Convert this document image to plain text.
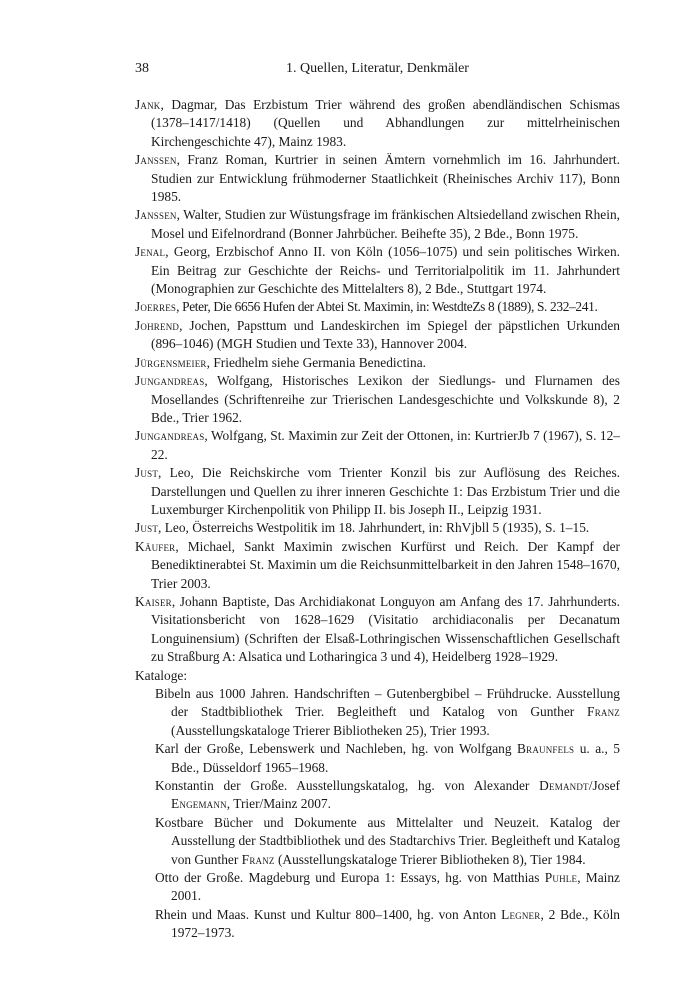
38	1. Quellen, Literatur, Denkmäler

Jank, Dagmar, Das Erzbistum Trier während des großen abendländischen Schismas (1378–1417/1418) (Quellen und Abhandlungen zur mittelrheinischen Kirchengeschichte 47), Mainz 1983.

Janssen, Franz Roman, Kurtrier in seinen Ämtern vornehmlich im 16. Jahrhundert. Studien zur Entwicklung frühmoderner Staatlichkeit (Rheinisches Archiv 117), Bonn 1985.

Janssen, Walter, Studien zur Wüstungsfrage im fränkischen Altsiedelland zwischen Rhein, Mosel und Eifelnordrand (Bonner Jahrbücher. Beihefte 35), 2 Bde., Bonn 1975.

Jenal, Georg, Erzbischof Anno II. von Köln (1056–1075) und sein politisches Wirken. Ein Beitrag zur Geschichte der Reichs- und Territorialpolitik im 11. Jahrhundert (Monographien zur Geschichte des Mittelalters 8), 2 Bde., Stuttgart 1974.

Joerres, Peter, Die 6656 Hufen der Abtei St. Maximin, in: WestdteZs 8 (1889), S. 232–241.

Johrend, Jochen, Papsttum und Landeskirchen im Spiegel der päpstlichen Urkunden (896–1046) (MGH Studien und Texte 33), Hannover 2004.

Jürgensmeier, Friedhelm siehe Germania Benedictina.

Jungandreas, Wolfgang, Historisches Lexikon der Siedlungs- und Flurnamen des Mosellandes (Schriftenreihe zur Trierischen Landesgeschichte und Volkskunde 8), 2 Bde., Trier 1962.

Jungandreas, Wolfgang, St. Maximin zur Zeit der Ottonen, in: KurtrierJb 7 (1967), S. 12–22.

Just, Leo, Die Reichskirche vom Trienter Konzil bis zur Auflösung des Reiches. Darstellungen und Quellen zu ihrer inneren Geschichte 1: Das Erzbistum Trier und die Luxemburger Kirchenpolitik von Philipp II. bis Joseph II., Leipzig 1931.

Just, Leo, Österreichs Westpolitik im 18. Jahrhundert, in: RhVjbll 5 (1935), S. 1–15.

Käufer, Michael, Sankt Maximin zwischen Kurfürst und Reich. Der Kampf der Benediktinerabtei St. Maximin um die Reichsunmittelbarkeit in den Jahren 1548–1670, Trier 2003.

Kaiser, Johann Baptiste, Das Archidiakonat Longuyon am Anfang des 17. Jahrhunderts. Visitationsbericht von 1628–1629 (Visitatio archidiaconalis per Decanatum Longuinensium) (Schriften der Elsaß-Lothringischen Wissenschaftlichen Gesellschaft zu Straßburg A: Alsatica und Lotharingica 3 und 4), Heidelberg 1928–1929.

Kataloge:

Bibeln aus 1000 Jahren. Handschriften – Gutenbergbibel – Frühdrucke. Ausstellung der Stadtbibliothek Trier. Begleitheft und Katalog von Gunther Franz (Ausstellungskataloge Trierer Bibliotheken 25), Trier 1993.

Karl der Große, Lebenswerk und Nachleben, hg. von Wolfgang Braunfels u. a., 5 Bde., Düsseldorf 1965–1968.

Konstantin der Große. Ausstellungskatalog, hg. von Alexander Demandt/Josef Engemann, Trier/Mainz 2007.

Kostbare Bücher und Dokumente aus Mittelalter und Neuzeit. Katalog der Ausstellung der Stadtbibliothek und des Stadtarchivs Trier. Begleitheft und Katalog von Gunther Franz (Ausstellungskataloge Trierer Bibliotheken 8), Tier 1984.

Otto der Große. Magdeburg und Europa 1: Essays, hg. von Matthias Puhle, Mainz 2001.

Rhein und Maas. Kunst und Kultur 800–1400, hg. von Anton Legner, 2 Bde., Köln 1972–1973.
